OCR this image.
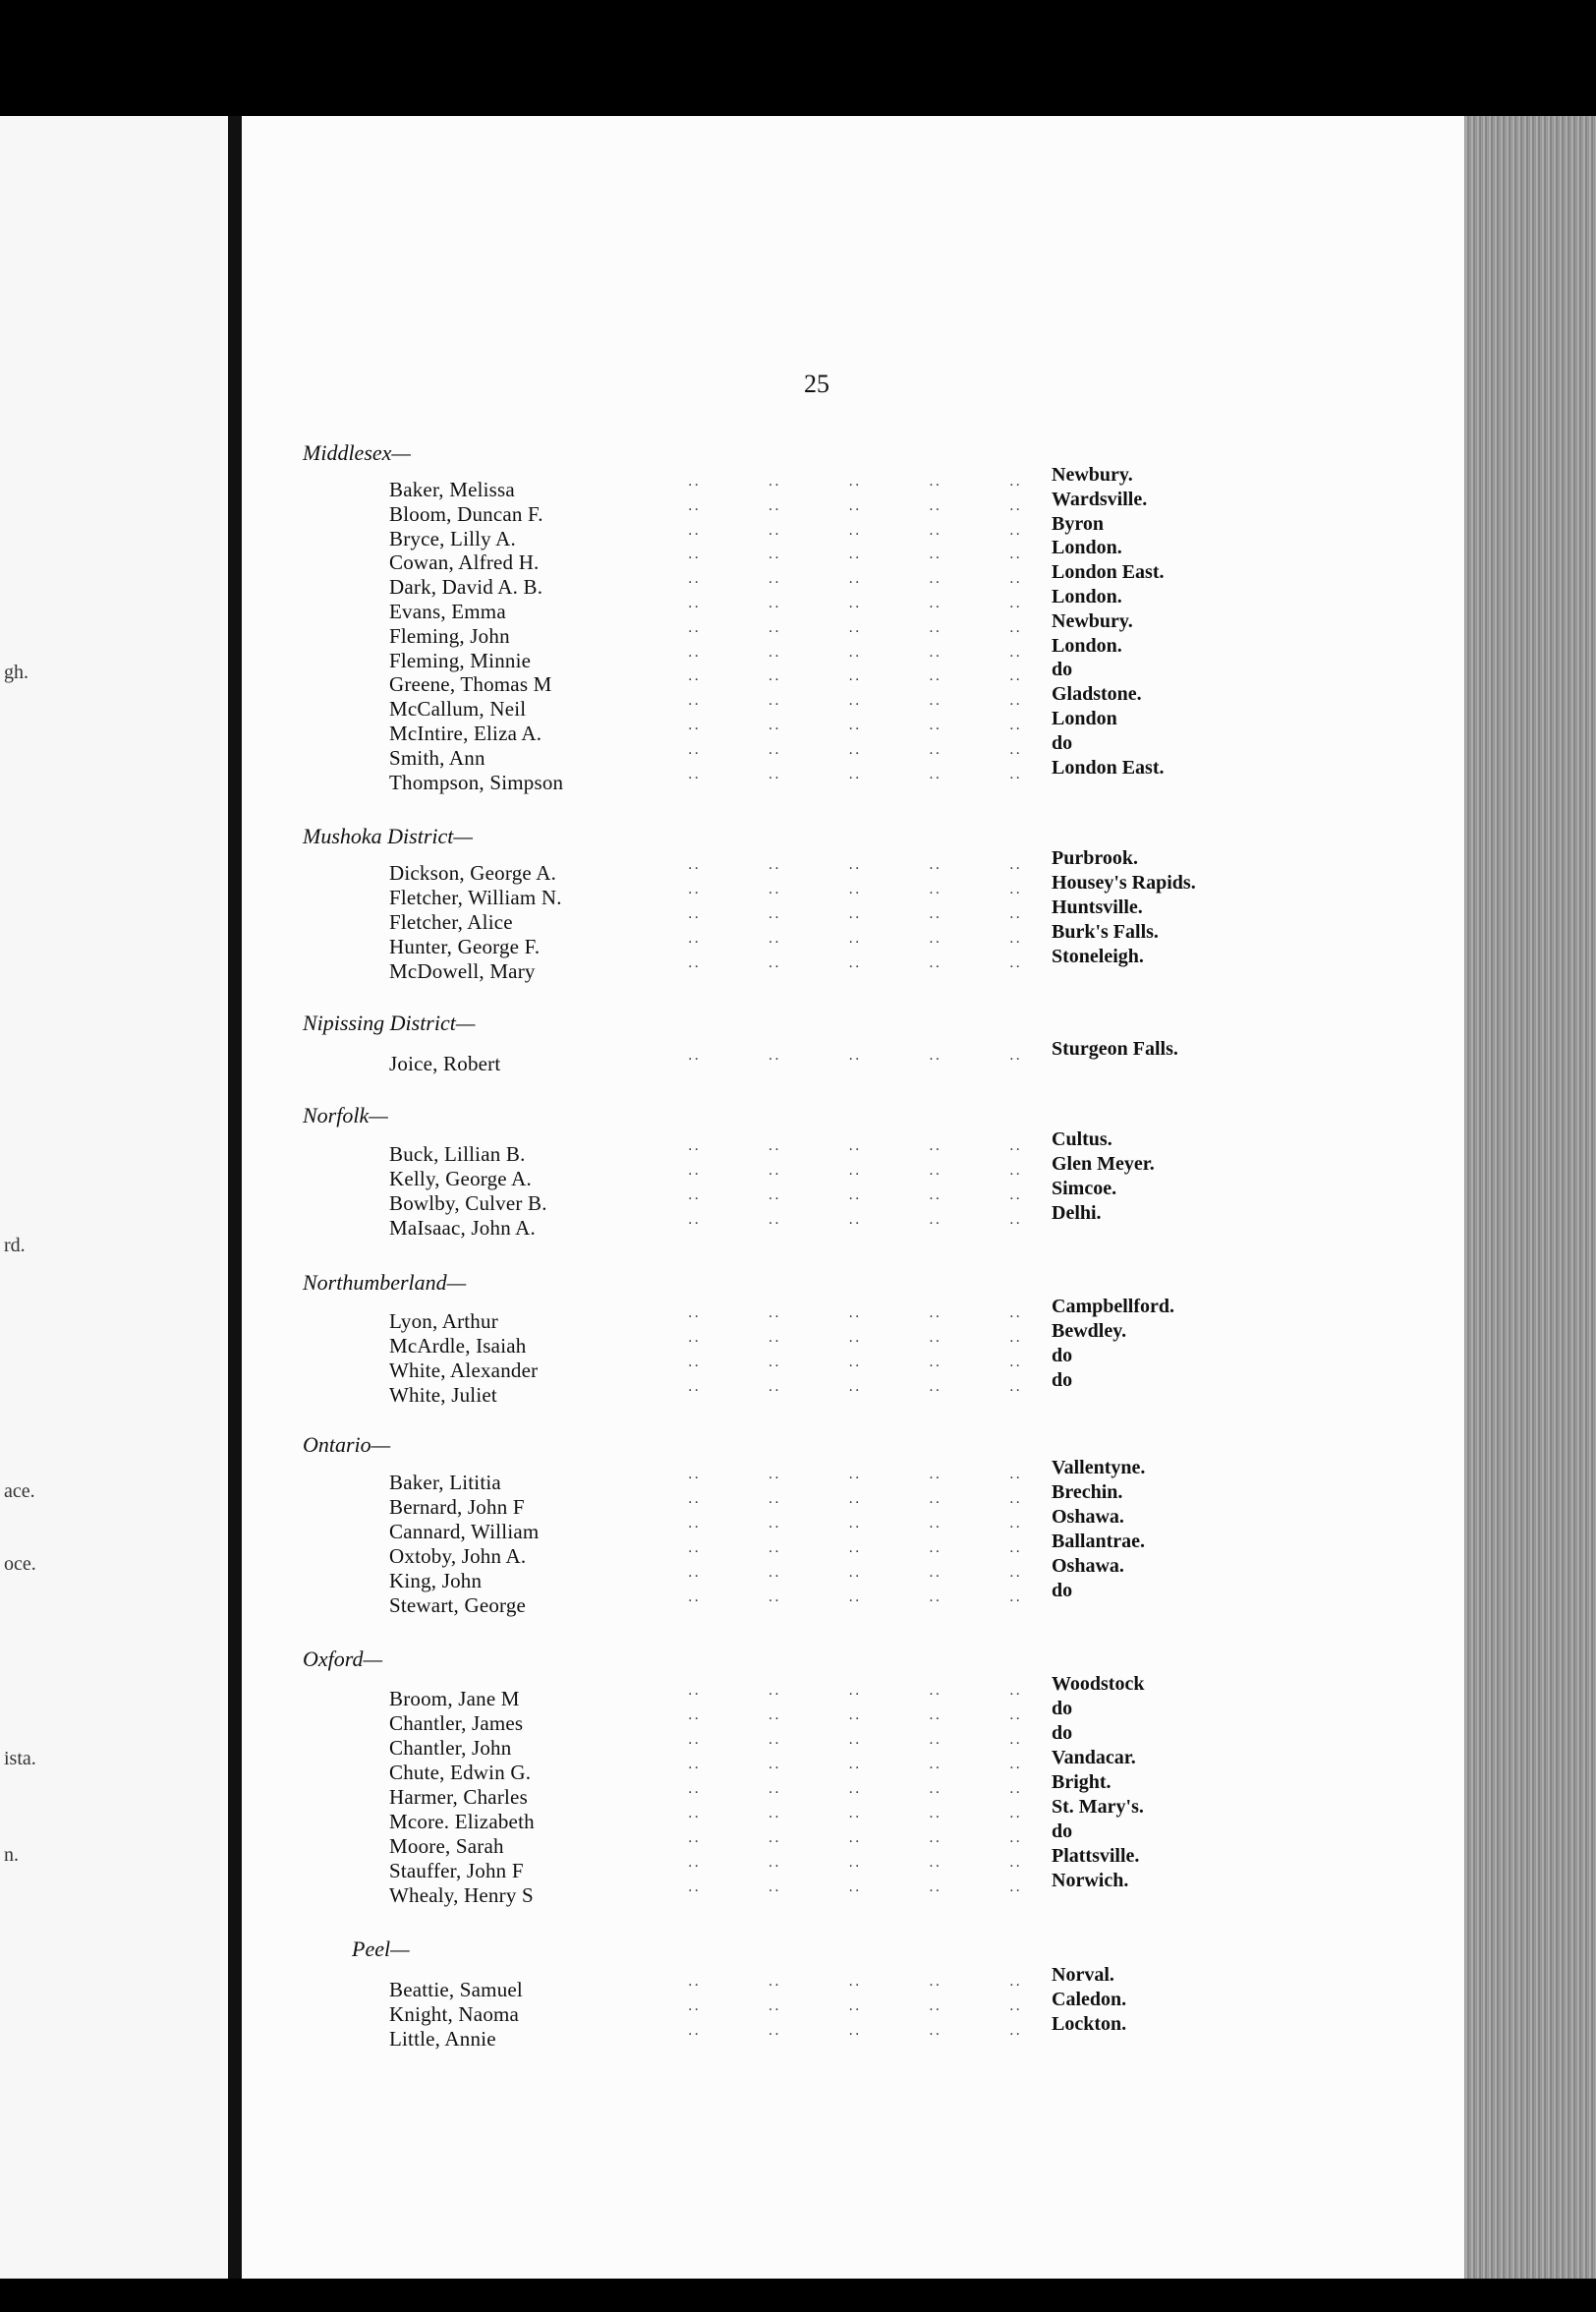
gh.
rd.
ace.
oce.
ista.
n.
25
Middlesex—
Baker, Melissa	··	··	··	··	·· Newbury.
Bloom, Duncan F.	··	··	··	··	·· Wardsville.
Bryce, Lilly A.	··	··	··	··	·· Byron
Cowan, Alfred H.	··	··	··	··	·· London.
Dark, David A. B.	··	··	··	··	·· London East.
Evans, Emma	··	··	··	··	·· London.
Fleming, John	··	··	··	··	·· Newbury.
Fleming, Minnie	··	··	··	··	·· London.
Greene, Thomas M	··	··	··	··	·· do
McCallum, Neil	··	··	··	··	·· Gladstone.
McIntire, Eliza A.	··	··	··	··	·· London
Smith, Ann	··	··	··	··	·· do
Thompson, Simpson	··	··	··	··	·· London East.
Mushoka District—
Dickson, George A.	··	··	··	··	·· Purbrook.
Fletcher, William N.	··	··	··	··	·· Housey's Rapids.
Fletcher, Alice	··	··	··	··	·· Huntsville.
Hunter, George F.	··	··	··	··	·· Burk's Falls.
McDowell, Mary	··	··	··	··	·· Stoneleigh.
Nipissing District—
Joice, Robert	··	··	··	··	·· Sturgeon Falls.
Norfolk—
Buck, Lillian B.	··	··	··	··	·· Cultus.
Kelly, George A.	··	··	··	··	·· Glen Meyer.
Bowlby, Culver B.	··	··	··	··	·· Simcoe.
MaIsaac, John A.	··	··	··	··	·· Delhi.
Northumberland—
Lyon, Arthur	··	··	··	··	·· Campbellford.
McArdle, Isaiah	··	··	··	··	·· Bewdley.
White, Alexander	··	··	··	··	·· do
White, Juliet	··	··	··	··	·· do
Ontario—
Baker, Lititia	··	··	··	··	·· Vallentyne.
Bernard, John F	··	··	··	··	·· Brechin.
Cannard, William	··	··	··	··	·· Oshawa.
Oxtoby, John A.	··	··	··	··	·· Ballantrae.
King, John	··	··	··	··	·· Oshawa.
Stewart, George	··	··	··	··	·· do
Oxford—
Broom, Jane M	··	··	··	··	·· Woodstock
Chantler, James	··	··	··	··	·· do
Chantler, John	··	··	··	··	·· do
Chute, Edwin G.	··	··	··	··	·· Vandacar.
Harmer, Charles	··	··	··	··	·· Bright.
Mcore. Elizabeth	··	··	··	··	·· St. Mary's.
Moore, Sarah	··	··	··	··	·· do
Stauffer, John F	··	··	··	··	·· Plattsville.
Whealy, Henry S	··	··	··	··	·· Norwich.
Peel—
Beattie, Samuel	··	··	··	··	·· Norval.
Knight, Naoma	··	··	··	··	·· Caledon.
Little, Annie	··	··	··	··	·· Lockton.
